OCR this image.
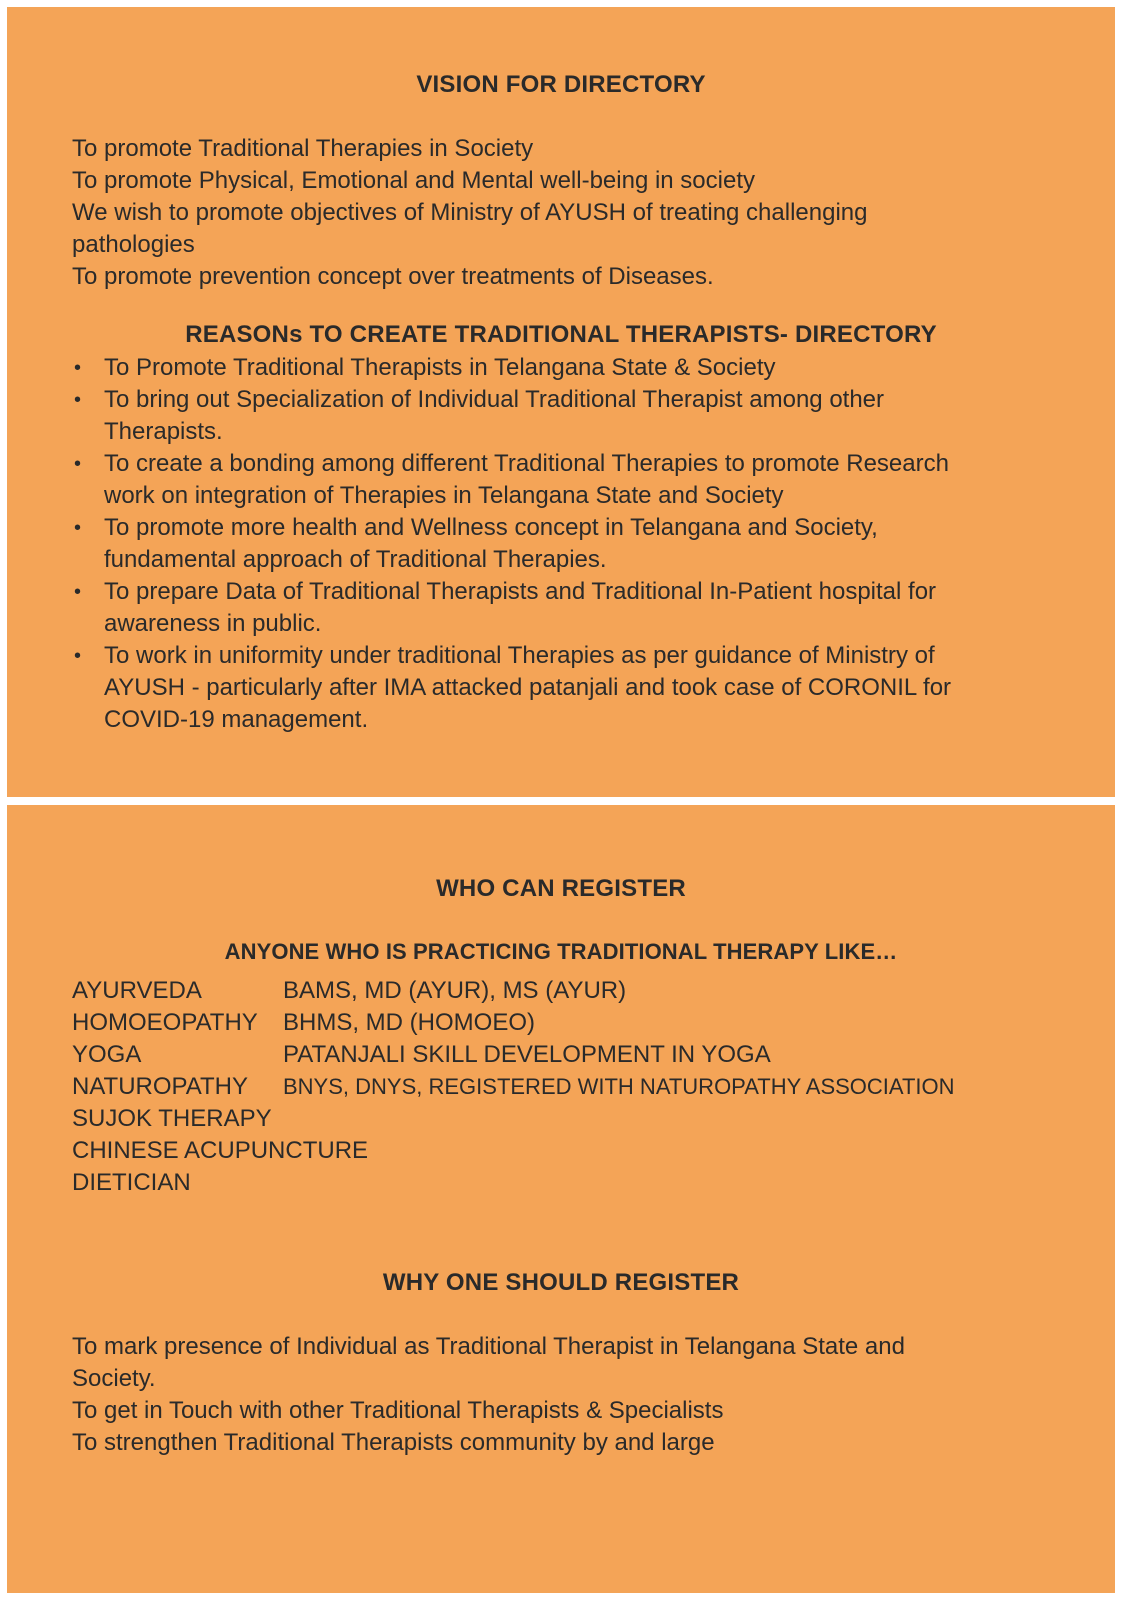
VISION FOR DIRECTORY
To promote Traditional Therapies in Society
To promote Physical, Emotional and Mental well-being in society
We wish to promote objectives of Ministry of AYUSH of treating challenging
pathologies
To promote prevention concept over treatments of Diseases.
REASONs TO CREATE TRADITIONAL THERAPISTS- DIRECTORY
• To Promote Traditional Therapists in Telangana State & Society
• To bring out Specialization of Individual Traditional Therapist among other
Therapists.
• To create a bonding among different Traditional Therapies to promote Research
work on integration of Therapies in Telangana State and Society
• To promote more health and Wellness concept in Telangana and Society,
fundamental approach of Traditional Therapies.
• To prepare Data of Traditional Therapists and Traditional In-Patient hospital for
awareness in public.
• To work in uniformity under traditional Therapies as per guidance of Ministry of
AYUSH - particularly after IMA attacked patanjali and took case of CORONIL for
COVID-19 management.
WHO CAN REGISTER
ANYONE WHO IS PRACTICING TRADITIONAL THERAPY LIKE…
AYURVEDA	BAMS, MD (AYUR), MS (AYUR)
HOMOEOPATHY BHMS, MD (HOMOEO)
YOGA	PATANJALI SKILL DEVELOPMENT IN YOGA
NATUROPATHY BNYS, DNYS, REGISTERED WITH NATUROPATHY ASSOCIATION
SUJOK THERAPY
CHINESE ACUPUNCTURE
DIETICIAN
WHY ONE SHOULD REGISTER
To mark presence of Individual as Traditional Therapist in Telangana State and
Society.
To get in Touch with other Traditional Therapists & Specialists
To strengthen Traditional Therapists community by and large
